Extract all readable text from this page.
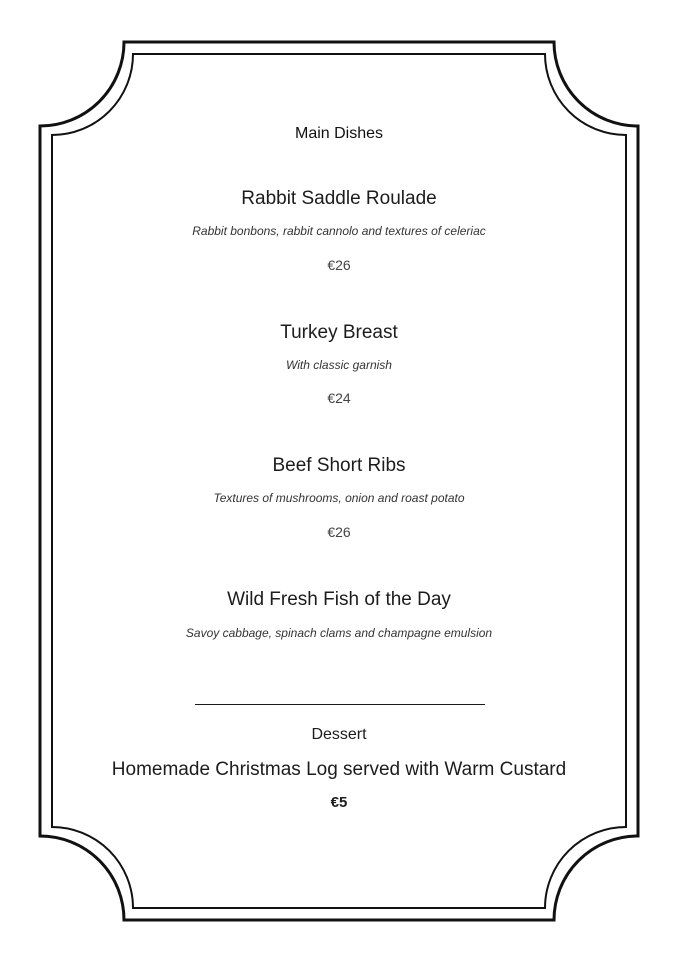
Main Dishes
Rabbit Saddle Roulade
Rabbit bonbons, rabbit cannolo and textures of celeriac
€26
Turkey Breast
With classic garnish
€24
Beef Short Ribs
Textures of mushrooms, onion and roast potato
€26
Wild Fresh Fish of the Day
Savoy cabbage, spinach clams and champagne emulsion
Dessert
Homemade Christmas Log served with Warm Custard
€5
